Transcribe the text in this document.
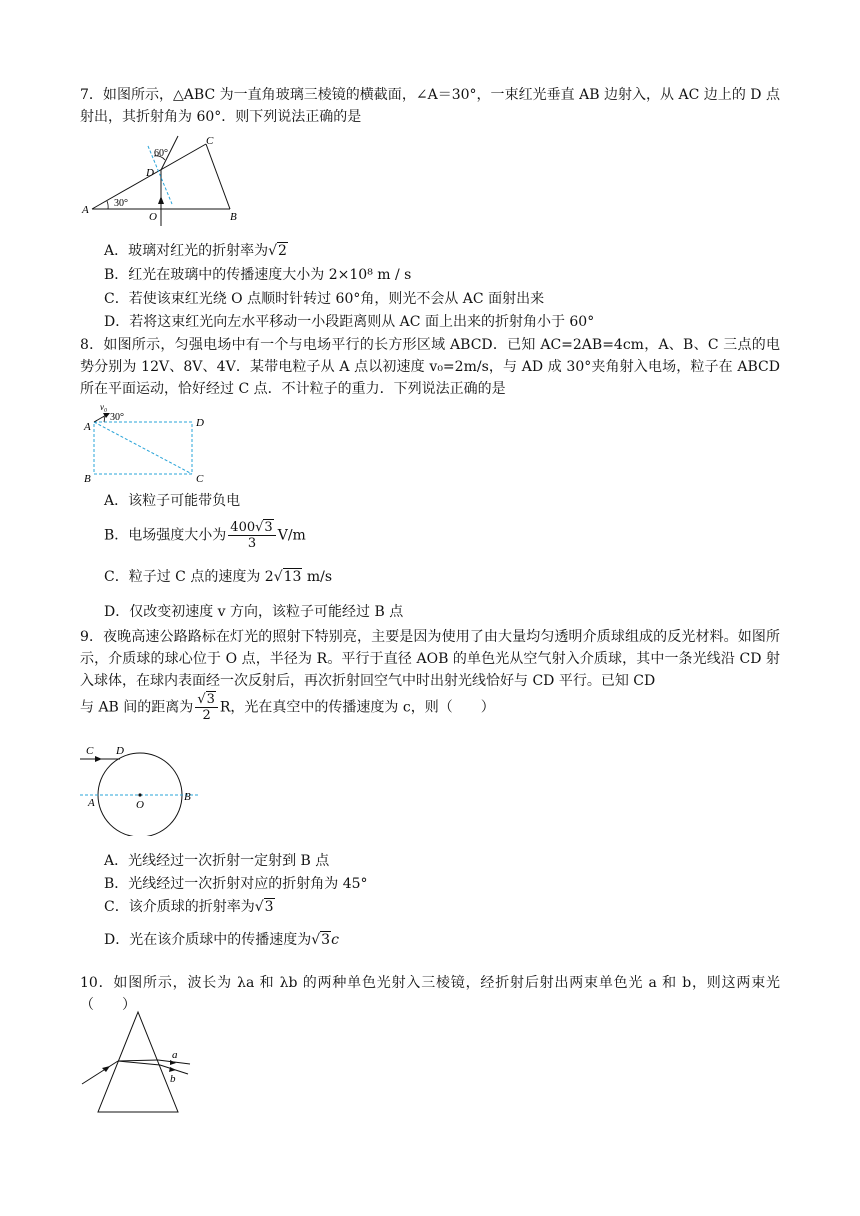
7．如图所示，△ABC 为一直角玻璃三棱镜的横截面，∠A＝30°，一束红光垂直 AB 边射入，从 AC 边上的 D 点射出，其折射角为 60°．则下列说法正确的是
A
B
C
D
O
30°
60°
A．玻璃对红光的折射率为√2
B．红光在玻璃中的传播速度大小为 2×10⁸ m / s
C．若使该束红光绕 O 点顺时针转过 60°角，则光不会从 AC 面射出来
D．若将这束红光向左水平移动一小段距离则从 AC 面上出来的折射角小于 60°
8．如图所示，匀强电场中有一个与电场平行的长方形区域 ABCD．已知 AC=2AB=4cm，A、B、C 三点的电势分别为 12V、8V、4V．某带电粒子从 A 点以初速度 v₀=2m/s，与 AD 成 30°夹角射入电场，粒子在 ABCD 所在平面运动，恰好经过 C 点．不计粒子的重力．下列说法正确的是
A	D
B	C
v₀
30°
A．该粒子可能带负电
B．电场强度大小为 $\frac{400√3}{3} V/m$
C．粒子过 C 点的速度为 2√13 m/s
D．仅改变初速度 v 方向，该粒子可能经过 B 点
9．夜晚高速公路路标在灯光的照射下特别亮，主要是因为使用了由大量均匀透明介质球组成的反光材料。如图所示，介质球的球心位于 O 点，半径为 R。平行于直径 AOB 的单色光从空气射入介质球，其中一条光线沿 CD 射入球体，在球内表面经一次反射后，再次折射回空气中时出射光线恰好与 CD 平行。已知 CD
与 AB 间的距离为 $\frac{√3}{2}$ R，光在真空中的传播速度为 c，则（　　）
C D
A	O
B
A．光线经过一次折射一定射到 B 点
B．光线经过一次折射对应的折射角为 45°
C．该介质球的折射率为√3
D．光在该介质球中的传播速度为√3c
10．如图所示，波长为 λa 和 λb 的两种单色光射入三棱镜，经折射后射出两束单色光 a 和 b，则这两束光（　　）
a
b
